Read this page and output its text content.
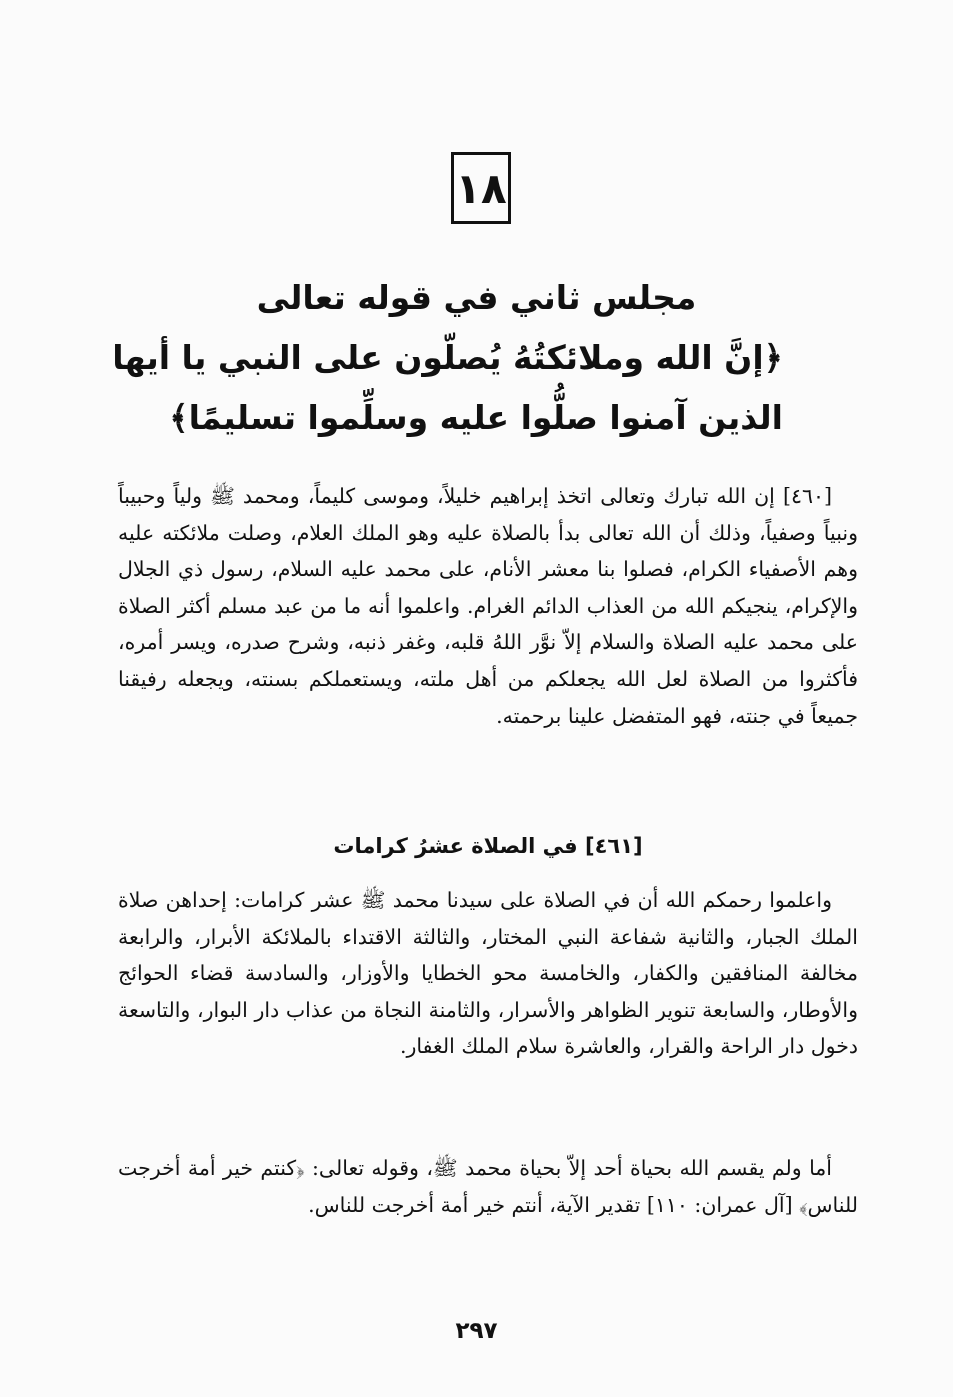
١٨
مجلس ثاني في قوله تعالى
﴿إنَّ الله وملائكتُهُ يُصلّون على النبي يا أيها
الذين آمنوا صلُّوا عليه وسلِّموا تسليمًا﴾

[٤٦٠] إن الله تبارك وتعالى اتخذ إبراهيم خليلاً، وموسى كليماً، ومحمد ﷺ ولياً وحبيباً ونبياً وصفياً، وذلك أن الله تعالى بدأ بالصلاة عليه وهو الملك العلام، وصلت ملائكته عليه وهم الأصفياء الكرام، فصلوا بنا معشر الأنام، على محمد عليه السلام، رسول ذي الجلال والإكرام، ينجيكم الله من العذاب الدائم الغرام. واعلموا أنه ما من عبد مسلم أكثر الصلاة على محمد عليه الصلاة والسلام إلاّ نوَّر اللهُ قلبه، وغفر ذنبه، وشرح صدره، ويسر أمره، فأكثروا من الصلاة لعل الله يجعلكم من أهل ملته، ويستعملكم بسنته، ويجعله رفيقنا جميعاً في جنته، فهو المتفضل علينا برحمته.

[٤٦١] في الصلاة عشرُ كرامات

واعلموا رحمكم الله أن في الصلاة على سيدنا محمد ﷺ عشر كرامات: إحداهن صلاة الملك الجبار، والثانية شفاعة النبي المختار، والثالثة الاقتداء بالملائكة الأبرار، والرابعة مخالفة المنافقين والكفار، والخامسة محو الخطايا والأوزار، والسادسة قضاء الحوائج والأوطار، والسابعة تنوير الظواهر والأسرار، والثامنة النجاة من عذاب دار البوار، والتاسعة دخول دار الراحة والقرار، والعاشرة سلام الملك الغفار.

أما ولم يقسم الله بحياة أحد إلاّ بحياة محمد ﷺ، وقوله تعالى: ﴿كنتم خير أمة أخرجت للناس﴾ [آل عمران: ١١٠] تقدير الآية، أنتم خير أمة أخرجت للناس.

٢٩٧
